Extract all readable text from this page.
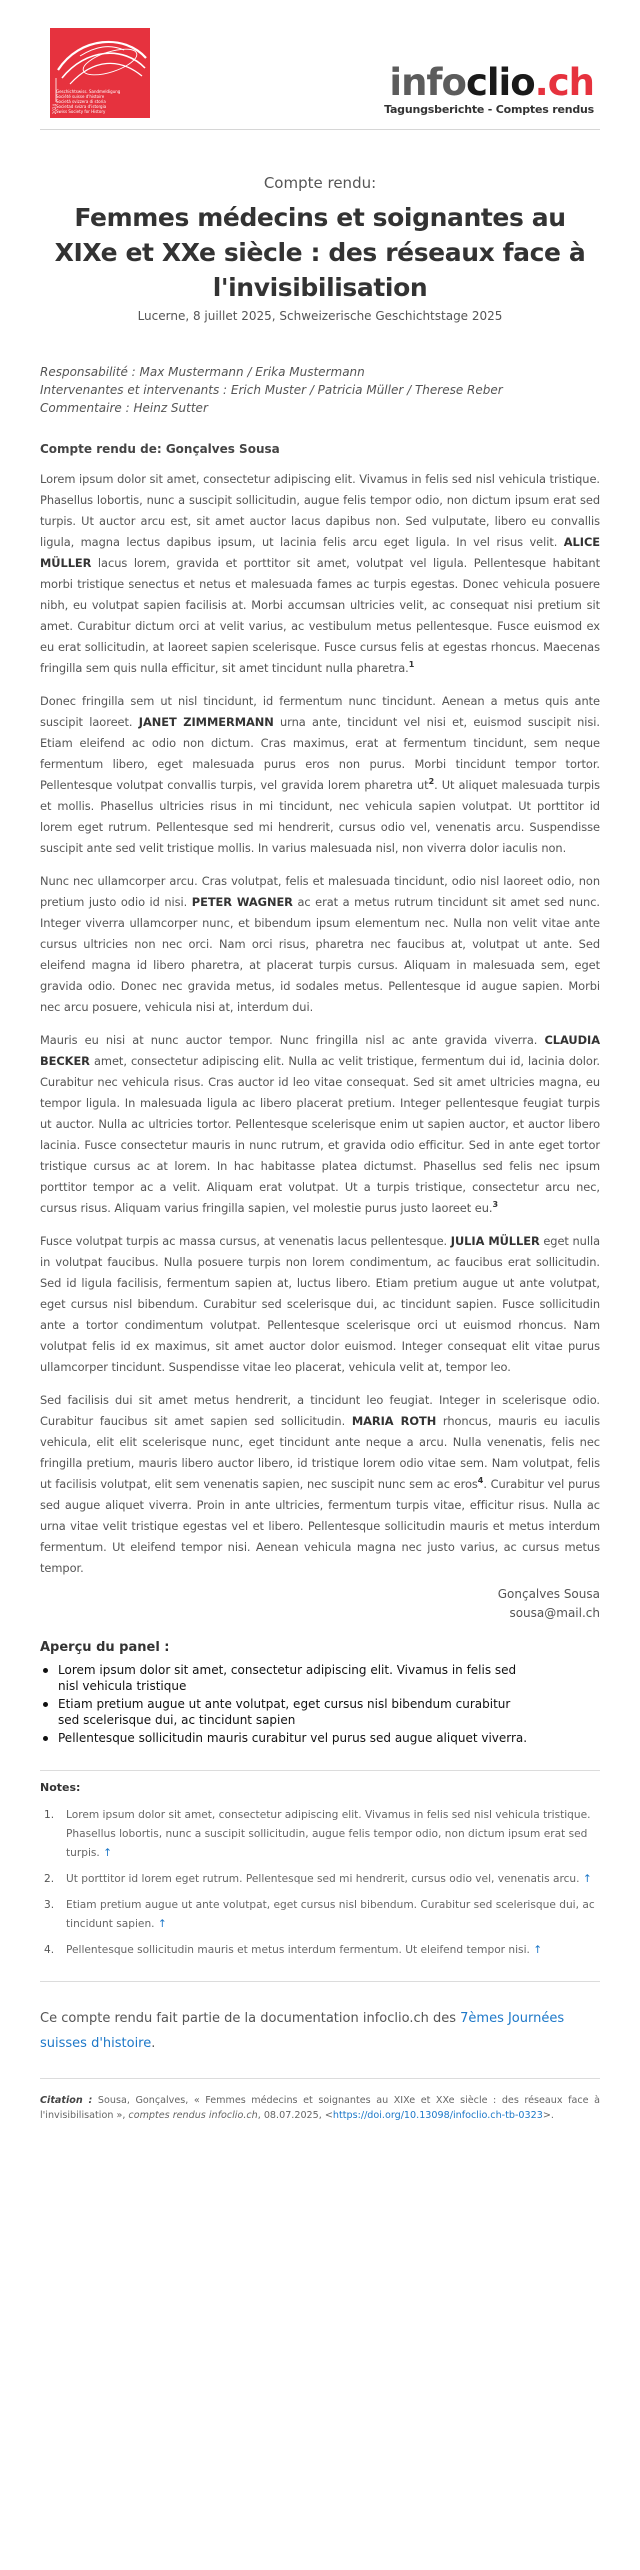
Geschichtswiss. Sandmeldigung
Société suisse d'histoire
Società svizzera di storia
Societad svizra d'istorgia
Swiss Society for History
2024
infoclio.ch
Tagungsberichte - Comptes rendus
Compte rendu:
Femmes médecins et soignantes au XIXe et XXe siècle : des réseaux face à l'invisibilisation
Lucerne, 8 juillet 2025, Schweizerische Geschichtstage 2025
Responsabilité : Max Mustermann / Erika Mustermann
Intervenantes et intervenants : Erich Muster / Patricia Müller / Therese Reber
Commentaire : Heinz Sutter
Compte rendu de: Gonçalves Sousa

Lorem ipsum dolor sit amet, consectetur adipiscing elit. Vivamus in felis sed nisl vehicula tristique. Phasellus lobortis, nunc a suscipit sollicitudin, augue felis tempor odio, non dictum ipsum erat sed turpis. Ut auctor arcu est, sit amet auctor lacus dapibus non. Sed vulputate, libero eu convallis ligula, magna lectus dapibus ipsum, ut lacinia felis arcu eget ligula. In vel risus velit. ALICE MÜLLER lacus lorem, gravida et porttitor sit amet, volutpat vel ligula. Pellentesque habitant morbi tristique senectus et netus et malesuada fames ac turpis egestas. Donec vehicula posuere nibh, eu volutpat sapien facilisis at. Morbi accumsan ultricies velit, ac consequat nisi pretium sit amet. Curabitur dictum orci at velit varius, ac vestibulum metus pellentesque. Fusce euismod ex eu erat sollicitudin, at laoreet sapien scelerisque. Fusce cursus felis at egestas rhoncus. Maecenas fringilla sem quis nulla efficitur, sit amet tincidunt nulla pharetra.$^1$

Donec fringilla sem ut nisl tincidunt, id fermentum nunc tincidunt. Aenean a metus quis ante suscipit laoreet. JANET ZIMMERMANN urna ante, tincidunt vel nisi et, euismod suscipit nisi. Etiam eleifend ac odio non dictum. Cras maximus, erat at fermentum tincidunt, sem neque fermentum libero, eget malesuada purus eros non purus. Morbi tincidunt tempor tortor. Pellentesque volutpat convallis turpis, vel gravida lorem pharetra $ut^2$. Ut aliquet malesuada turpis et mollis. Phasellus ultricies risus in mi tincidunt, nec vehicula sapien volutpat. Ut porttitor id lorem eget rutrum. Pellentesque sed mi hendrerit, cursus odio vel, venenatis arcu. Suspendisse suscipit ante sed velit tristique mollis. In varius malesuada nisl, non viverra dolor iaculis non.

Nunc nec ullamcorper arcu. Cras volutpat, felis et malesuada tincidunt, odio nisl laoreet odio, non pretium justo odio id nisi. PETER WAGNER ac erat a metus rutrum tincidunt sit amet sed nunc. Integer viverra ullamcorper nunc, et bibendum ipsum elementum nec. Nulla non velit vitae ante cursus ultricies non nec orci. Nam orci risus, pharetra nec faucibus at, volutpat ut ante. Sed eleifend magna id libero pharetra, at placerat turpis cursus. Aliquam in malesuada sem, eget gravida odio. Donec nec gravida metus, id sodales metus. Pellentesque id augue sapien. Morbi nec arcu posuere, vehicula nisi at, interdum dui.

Mauris eu nisi at nunc auctor tempor. Nunc fringilla nisl ac ante gravida viverra. CLAUDIA BECKER amet, consectetur adipiscing elit. Nulla ac velit tristique, fermentum dui id, lacinia dolor. Curabitur nec vehicula risus. Cras auctor id leo vitae consequat. Sed sit amet ultricies magna, eu tempor ligula. In malesuada ligula ac libero placerat pretium. Integer pellentesque feugiat turpis ut auctor. Nulla ac ultricies tortor. Pellentesque scelerisque enim ut sapien auctor, et auctor libero lacinia. Fusce consectetur mauris in nunc rutrum, et gravida odio efficitur. Sed in ante eget tortor tristique cursus ac at lorem. In hac habitasse platea dictumst. Phasellus sed felis nec ipsum porttitor tempor ac a velit. Aliquam erat volutpat. Ut a turpis tristique, consectetur arcu nec, cursus risus. Aliquam varius fringilla sapien, vel molestie purus justo laoreet eu.$^3$

Fusce volutpat turpis ac massa cursus, at venenatis lacus pellentesque. JULIA MÜLLER eget nulla in volutpat faucibus. Nulla posuere turpis non lorem condimentum, ac faucibus erat sollicitudin. Sed id ligula facilisis, fermentum sapien at, luctus libero. Etiam pretium augue ut ante volutpat, eget cursus nisl bibendum. Curabitur sed scelerisque dui, ac tincidunt sapien. Fusce sollicitudin ante a tortor condimentum volutpat. Pellentesque scelerisque orci ut euismod rhoncus. Nam volutpat felis id ex maximus, sit amet auctor dolor euismod. Integer consequat elit vitae purus ullamcorper tincidunt. Suspendisse vitae leo placerat, vehicula velit at, tempor leo.

Sed facilisis dui sit amet metus hendrerit, a tincidunt leo feugiat. Integer in scelerisque odio. Curabitur faucibus sit amet sapien sed sollicitudin. MARIA ROTH rhoncus, mauris eu iaculis vehicula, elit elit scelerisque nunc, eget tincidunt ante neque a arcu. Nulla venenatis, felis nec fringilla pretium, mauris libero auctor libero, id tristique lorem odio vitae sem. Nam volutpat, felis ut facilisis volutpat, elit sem venenatis sapien, nec suscipit nunc sem ac eros$^4$. Curabitur vel purus sed augue aliquet viverra. Proin in ante ultricies, fermentum turpis vitae, efficitur risus. Nulla ac urna vitae velit tristique egestas vel et libero. Pellentesque sollicitudin mauris et metus interdum fermentum. Ut eleifend tempor nisi. Aenean vehicula magna nec justo varius, ac cursus metus tempor.

Gonçalves Sousa
sousa@mail.ch
Aperçu du panel :
Lorem ipsum dolor sit amet, consectetur adipiscing elit. Vivamus in felis sed nisl vehicula tristique
Etiam pretium augue ut ante volutpat, eget cursus nisl bibendum curabitur sed scelerisque dui, ac tincidunt sapien
Pellentesque sollicitudin mauris curabitur vel purus sed augue aliquet viverra.
Notes:
1. Lorem ipsum dolor sit amet, consectetur adipiscing elit. Vivamus in felis sed nisl vehicula tristique. Phasellus lobortis, nunc a suscipit sollicitudin, augue felis tempor odio, non dictum ipsum erat sed turpis. ↑
2. Ut porttitor id lorem eget rutrum. Pellentesque sed mi hendrerit, cursus odio vel, venenatis arcu. ↑
3. Etiam pretium augue ut ante volutpat, eget cursus nisl bibendum. Curabitur sed scelerisque dui, ac tincidunt sapien. ↑
4. Pellentesque sollicitudin mauris et metus interdum fermentum. Ut eleifend tempor nisi. ↑
Ce compte rendu fait partie de la documentation infoclio.ch des 7èmes Journées suisses d'histoire.
Citation : Sousa, Gonçalves, « Femmes médecins et soignantes au XIXe et XXe siècle : des réseaux face à l'invisibilisation », comptes rendus infoclio.ch, 08.07.2025, <https://doi.org/10.13098/infoclio.ch-tb-0323>.
